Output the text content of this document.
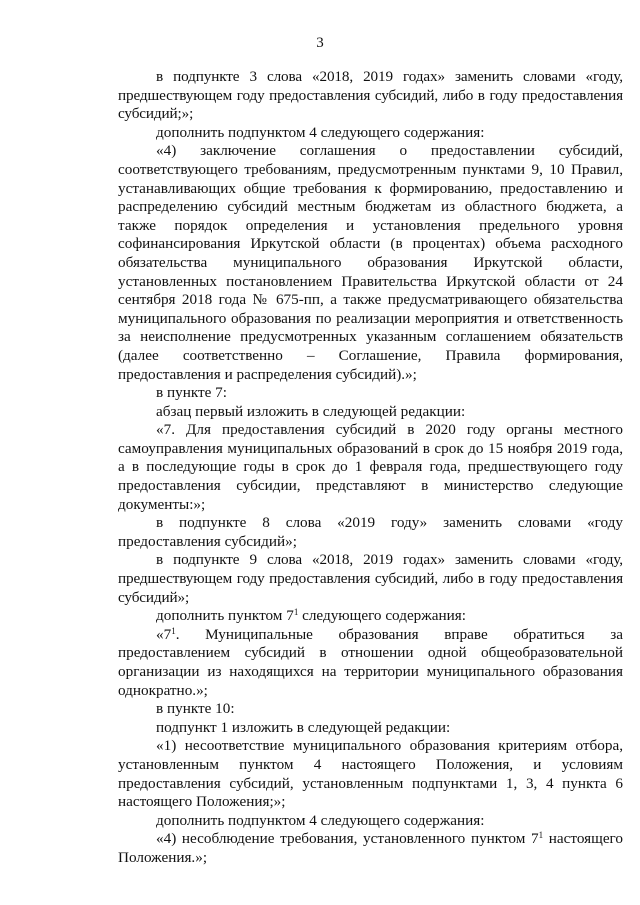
3

в подпункте 3 слова «2018, 2019 годах» заменить словами «году, предшествующем году предоставления субсидий, либо в году предоставления субсидий;»;

дополнить подпунктом 4 следующего содержания:

«4) заключение соглашения о предоставлении субсидий, соответствующего требованиям, предусмотренным пунктами 9, 10 Правил, устанавливающих общие требования к формированию, предоставлению и распределению субсидий местным бюджетам из областного бюджета, а также порядок определения и установления предельного уровня софинансирования Иркутской области (в процентах) объема расходного обязательства муниципального образования Иркутской области, установленных постановлением Правительства Иркутской области от 24 сентября 2018 года № 675-пп, а также предусматривающего обязательства муниципального образования по реализации мероприятия и ответственность за неисполнение предусмотренных указанным соглашением обязательств (далее соответственно – Соглашение, Правила формирования, предоставления и распределения субсидий).»;

в пункте 7:

абзац первый изложить в следующей редакции:

«7. Для предоставления субсидий в 2020 году органы местного самоуправления муниципальных образований в срок до 15 ноября 2019 года, а в последующие годы в срок до 1 февраля года, предшествующего году предоставления субсидии, представляют в министерство следующие документы:»;

в подпункте 8 слова «2019 году» заменить словами «году предоставления субсидий»;

в подпункте 9 слова «2018, 2019 годах» заменить словами «году, предшествующем году предоставления субсидий, либо в году предоставления субсидий»;

дополнить пунктом $7^1$ следующего содержания:

«$7^1$. Муниципальные образования вправе обратиться за предоставлением субсидий в отношении одной общеобразовательной организации из находящихся на территории муниципального образования однократно.»;

в пункте 10:

подпункт 1 изложить в следующей редакции:

«1) несоответствие муниципального образования критериям отбора, установленным пунктом 4 настоящего Положения, и условиям предоставления субсидий, установленным подпунктами 1, 3, 4 пункта 6 настоящего Положения;»;

дополнить подпунктом 4 следующего содержания:

«4) несоблюдение требования, установленного пунктом $7^1$ настоящего Положения.»;
